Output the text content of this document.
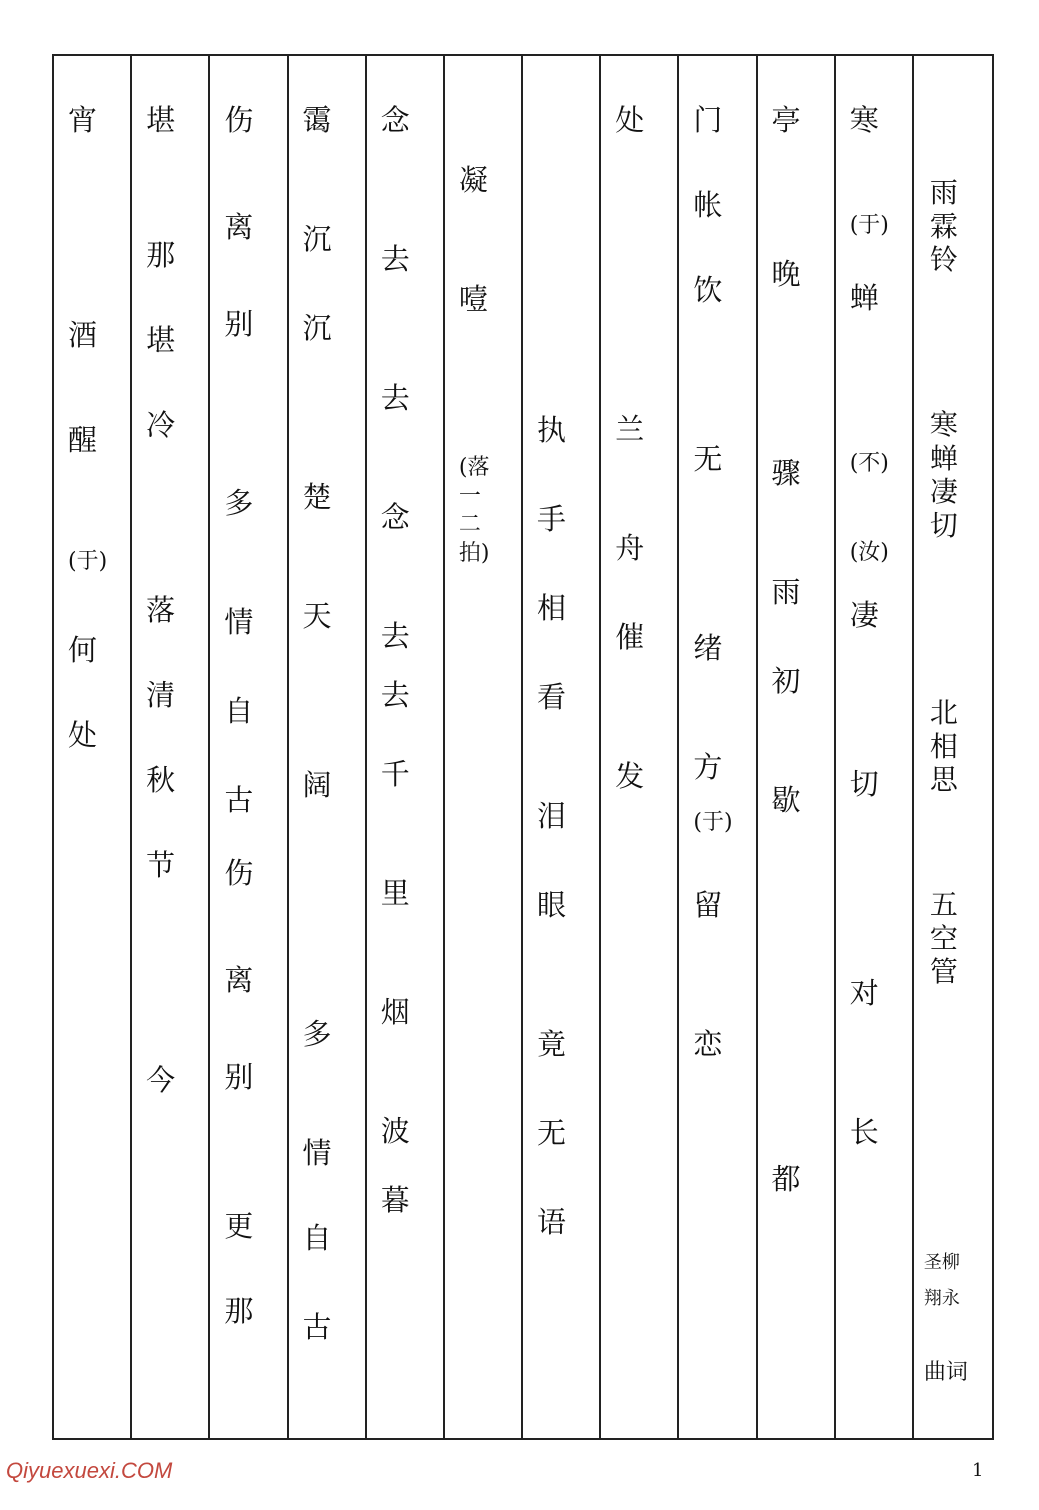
宵
酒
醒
(于)
何
处
堪
那
堪
冷
落
清
秋
节
今
伤
离
别
多
情
自
古
伤
离
别
更
那
霭
沉
沉
楚
天
阔
多
情
自
古
念
去
去
念
去
去
千
里
烟
波
暮
凝
噎
(落一二拍)
执
手
相
看
泪
眼
竟
无
语
处
兰
舟
催
发
门
帐
饮
无
绪
方
(于)
留
恋
亭
晚
骤
雨
初
歇
都
寒
(于)
蝉
(不)
(汝)
凄
切
对
长
雨霖铃
寒蝉凄切
北相思
五空管
圣柳
翔永
曲词
Qiyuexuexi.COM	1
